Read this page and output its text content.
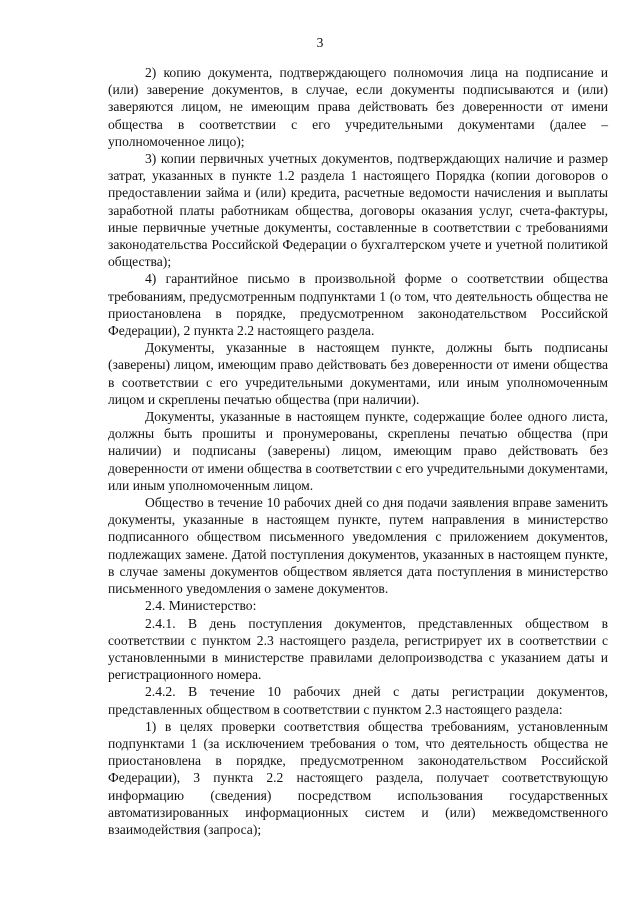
3

2) копию документа, подтверждающего полномочия лица на подписание и (или) заверение документов, в случае, если документы подписываются и (или) заверяются лицом, не имеющим права действовать без доверенности от имени общества в соответствии с его учредительными документами (далее – уполномоченное лицо);

3) копии первичных учетных документов, подтверждающих наличие и размер затрат, указанных в пункте 1.2 раздела 1 настоящего Порядка (копии договоров о предоставлении займа и (или) кредита, расчетные ведомости начисления и выплаты заработной платы работникам общества, договоры оказания услуг, счета-фактуры, иные первичные учетные документы, составленные в соответствии с требованиями законодательства Российской Федерации о бухгалтерском учете и учетной политикой общества);

4) гарантийное письмо в произвольной форме о соответствии общества требованиям, предусмотренным подпунктами 1 (о том, что деятельность общества не приостановлена в порядке, предусмотренном законодательством Российской Федерации), 2 пункта 2.2 настоящего раздела.

Документы, указанные в настоящем пункте, должны быть подписаны (заверены) лицом, имеющим право действовать без доверенности от имени общества в соответствии с его учредительными документами, или иным уполномоченным лицом и скреплены печатью общества (при наличии).

Документы, указанные в настоящем пункте, содержащие более одного листа, должны быть прошиты и пронумерованы, скреплены печатью общества (при наличии) и подписаны (заверены) лицом, имеющим право действовать без доверенности от имени общества в соответствии с его учредительными документами, или иным уполномоченным лицом.

Общество в течение 10 рабочих дней со дня подачи заявления вправе заменить документы, указанные в настоящем пункте, путем направления в министерство подписанного обществом письменного уведомления с приложением документов, подлежащих замене. Датой поступления документов, указанных в настоящем пункте, в случае замены документов обществом является дата поступления в министерство письменного уведомления о замене документов.

2.4. Министерство:

2.4.1. В день поступления документов, представленных обществом в соответствии с пунктом 2.3 настоящего раздела, регистрирует их в соответствии с установленными в министерстве правилами делопроизводства с указанием даты и регистрационного номера.

2.4.2. В течение 10 рабочих дней с даты регистрации документов, представленных обществом в соответствии с пунктом 2.3 настоящего раздела:

1) в целях проверки соответствия общества требованиям, установленным подпунктами 1 (за исключением требования о том, что деятельность общества не приостановлена в порядке, предусмотренном законодательством Российской Федерации), 3 пункта 2.2 настоящего раздела, получает соответствующую информацию (сведения) посредством использования государственных автоматизированных информационных систем и (или) межведомственного взаимодействия (запроса);
